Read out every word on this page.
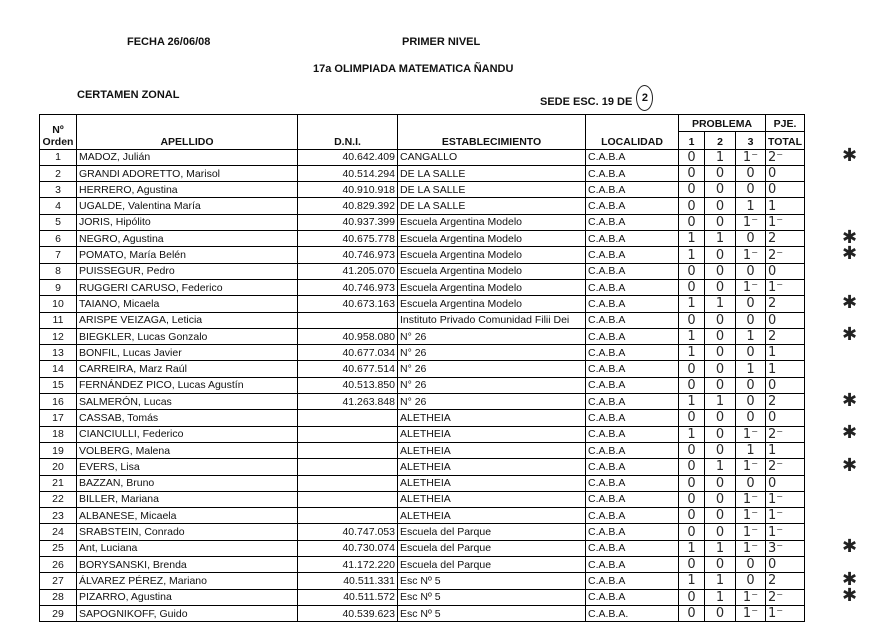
FECHA 26/06/08	PRIMER NIVEL
17a OLIMPIADA MATEMATICA ÑANDU
CERTAMEN ZONAL
SEDE ESC. 19 DE 2
Nº
Orden	APELLIDO	D.N.I.	ESTABLECIMIENTO	LOCALIDAD	PROBLEMA			PJE.
					1	2	3	TOTAL
1	MADOZ, Julián	40.642.409	CANGALLO	C.A.B.A	0	1	1⁻	2⁻
2	GRANDI ADORETTO, Marisol	40.514.294	DE LA SALLE	C.A.B.A	0	0	0	0
3	HERRERO, Agustina	40.910.918	DE LA SALLE	C.A.B.A	0	0	0	0
4	UGALDE, Valentina María	40.829.392	DE LA SALLE	C.A.B.A	0	0	1	1
5	JORIS, Hipólito	40.937.399	Escuela Argentina Modelo	C.A.B.A	0	0	1⁻	1⁻
6	NEGRO, Agustina	40.675.778	Escuela Argentina Modelo	C.A.B.A	1	1	0	2
7	POMATO, María Belén	40.746.973	Escuela Argentina Modelo	C.A.B.A	1	0	1⁻	2⁻
8	PUISSEGUR, Pedro	41.205.070	Escuela Argentina Modelo	C.A.B.A	0	0	0	0
9	RUGGERI CARUSO, Federico	40.746.973	Escuela Argentina Modelo	C.A.B.A	0	0	1⁻	1⁻
10	TAIANO, Micaela	40.673.163	Escuela Argentina Modelo	C.A.B.A	1	1	0	2
11	ARISPE VEIZAGA, Leticia		Instituto Privado Comunidad Filii Dei	C.A.B.A	0	0	0	0
12	BIEGKLER, Lucas Gonzalo	40.958.080	N° 26	C.A.B.A	1	0	1	2
13	BONFIL, Lucas Javier	40.677.034	N° 26	C.A.B.A	1	0	0	1
14	CARREIRA, Marz Raúl	40.677.514	N° 26	C.A.B.A	0	0	1	1
15	FERNÁNDEZ PICO, Lucas Agustín	40.513.850	N° 26	C.A.B.A	0	0	0	0
16	SALMERÓN, Lucas	41.263.848	N° 26	C.A.B.A	1	1	0	2
17	CASSAB, Tomás		ALETHEIA	C.A.B.A	0	0	0	0
18	CIANCIULLI, Federico		ALETHEIA	C.A.B.A	1	0	1⁻	2⁻
19	VOLBERG, Malena		ALETHEIA	C.A.B.A	0	0	1	1
20	EVERS, Lisa		ALETHEIA	C.A.B.A	0	1	1⁻	2⁻
21	BAZZAN, Bruno		ALETHEIA	C.A.B.A	0	0	0	0
22	BILLER, Mariana		ALETHEIA	C.A.B.A	0	0	1⁻	1⁻
23	ALBANESE, Micaela		ALETHEIA	C.A.B.A	0	0	1⁻	1⁻
24	SRABSTEIN, Conrado	40.747.053	Escuela del Parque	C.A.B.A	0	0	1⁻	1⁻
25	Ant, Luciana	40.730.074	Escuela del Parque	C.A.B.A	1	1	1⁻	3⁻
26	BORYSANSKI, Brenda	41.172.220	Escuela del Parque	C.A.B.A	0	0	0	0
27	ÁLVAREZ PÉREZ, Mariano	40.511.331	Esc Nº 5	C.A.B.A	1	1	0	2
28	PIZARRO, Agustina	40.511.572	Esc Nº 5	C.A.B.A	0	1	1⁻	2⁻
29	SAPOGNIKOFF, Guido	40.539.623	Esc Nº 5	C.A.B.A.	0	0	1⁻	1⁻
✱
✱
✱
✱
✱
✱
✱
✱
✱
✱
✱
